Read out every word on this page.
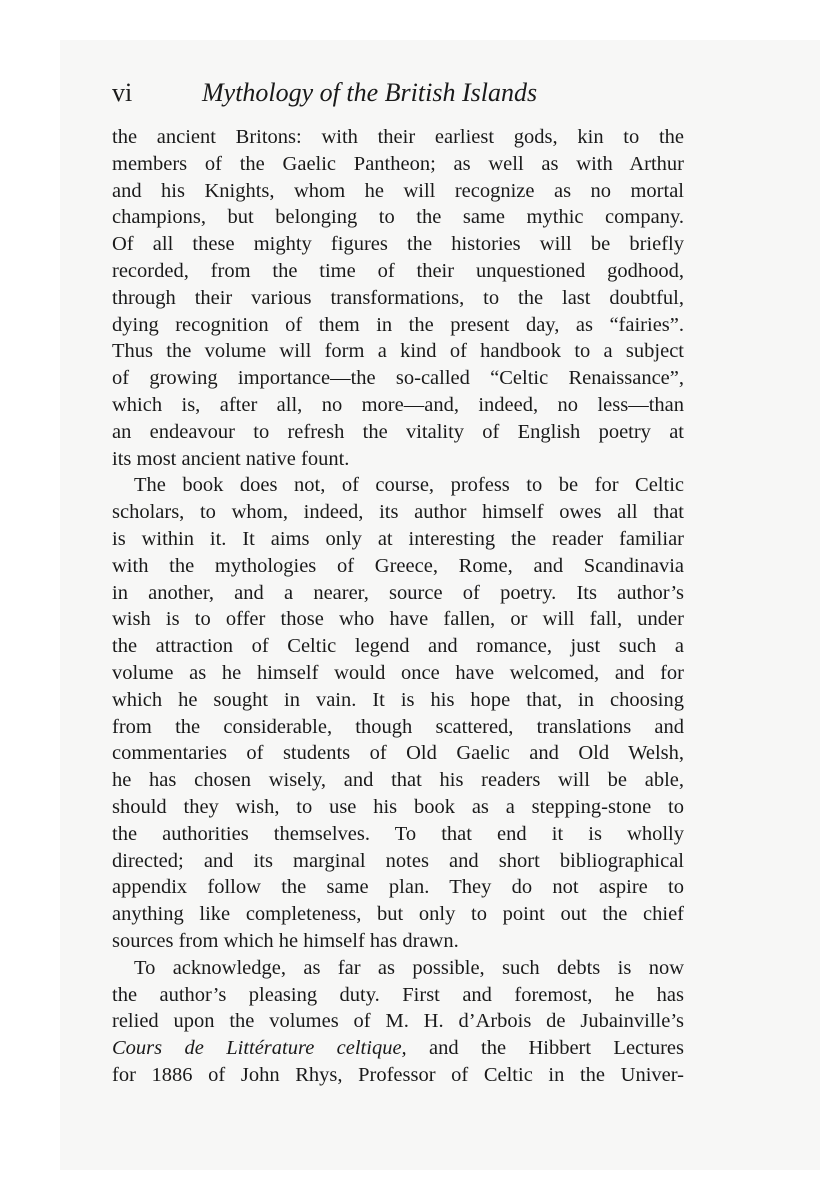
vi	Mythology of the British Islands
the ancient Britons: with their earliest gods, kin to the
members of the Gaelic Pantheon; as well as with Arthur
and his Knights, whom he will recognize as no mortal
champions, but belonging to the same mythic company.
Of all these mighty figures the histories will be briefly
recorded, from the time of their unquestioned godhood,
through their various transformations, to the last doubtful,
dying recognition of them in the present day, as “fairies”.
Thus the volume will form a kind of handbook to a subject
of growing importance—the so-called “Celtic Renaissance”,
which is, after all, no more—and, indeed, no less—than
an endeavour to refresh the vitality of English poetry at
its most ancient native fount.
The book does not, of course, profess to be for Celtic
scholars, to whom, indeed, its author himself owes all that
is within it. It aims only at interesting the reader familiar
with the mythologies of Greece, Rome, and Scandinavia
in another, and a nearer, source of poetry. Its author’s
wish is to offer those who have fallen, or will fall, under
the attraction of Celtic legend and romance, just such a
volume as he himself would once have welcomed, and for
which he sought in vain. It is his hope that, in choosing
from the considerable, though scattered, translations and
commentaries of students of Old Gaelic and Old Welsh,
he has chosen wisely, and that his readers will be able,
should they wish, to use his book as a stepping-stone to
the authorities themselves. To that end it is wholly
directed; and its marginal notes and short bibliographical
appendix follow the same plan. They do not aspire to
anything like completeness, but only to point out the chief
sources from which he himself has drawn.
To acknowledge, as far as possible, such debts is now
the author’s pleasing duty. First and foremost, he has
relied upon the volumes of M. H. d’Arbois de Jubainville’s
Cours de Littérature celtique, and the Hibbert Lectures
for 1886 of John Rhys, Professor of Celtic in the Univer-
